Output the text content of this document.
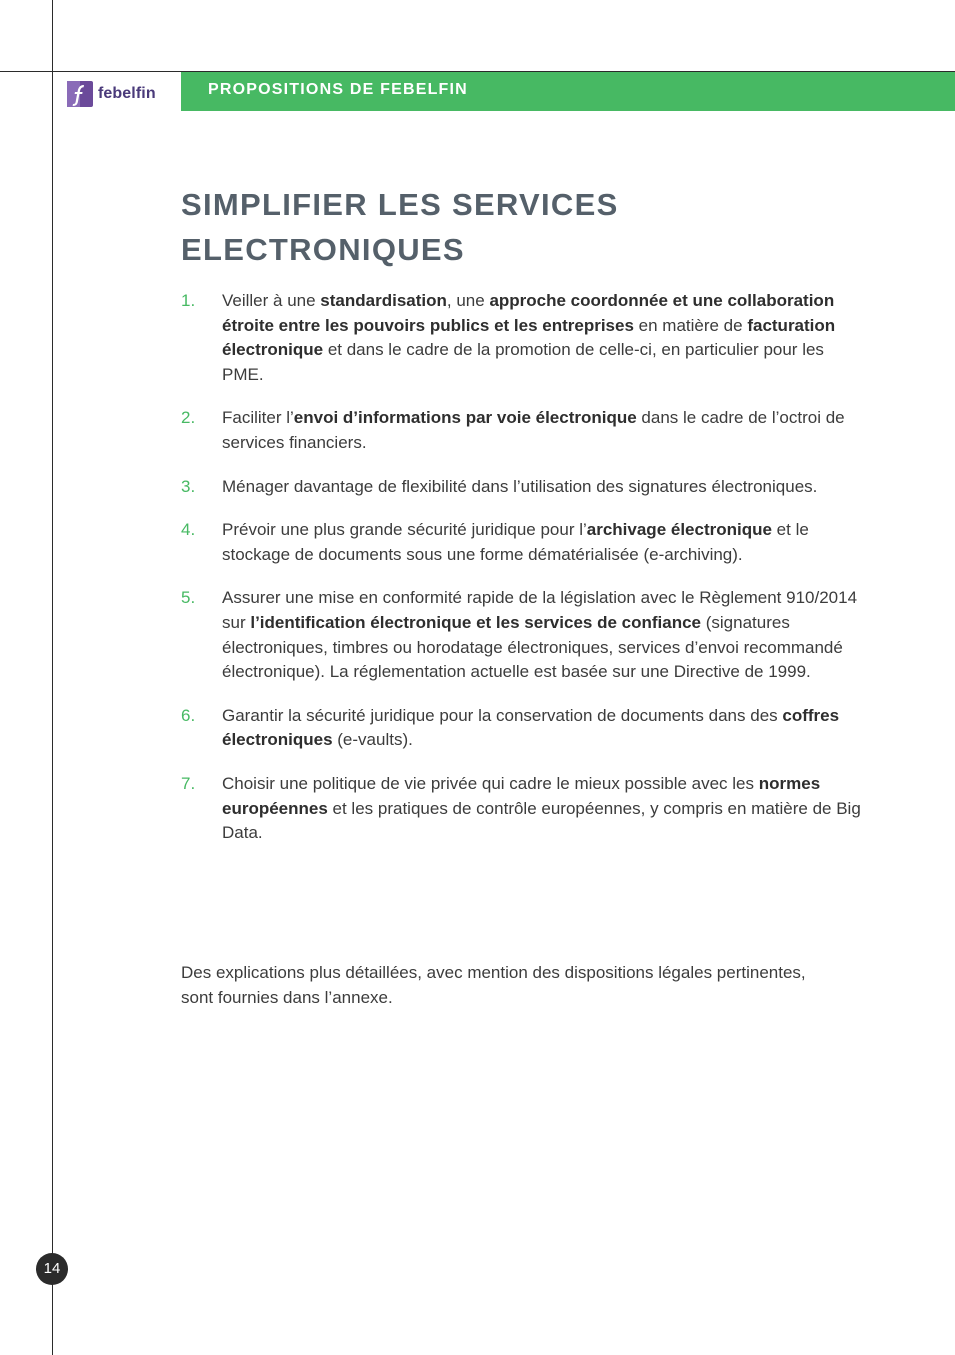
febelfin	PROPOSITIONS DE FEBELFIN
SIMPLIFIER LES SERVICES
ELECTRONIQUES
1. Veiller à une standardisation, une approche coordonnée et une collaboration étroite entre les pouvoirs publics et les entreprises en matière de facturation électronique et dans le cadre de la promotion de celle-ci, en particulier pour les PME.
2. Faciliter l’envoi d’informations par voie électronique dans le cadre de l’octroi de services financiers.
3. Ménager davantage de flexibilité dans l’utilisation des signatures électroniques.
4. Prévoir une plus grande sécurité juridique pour l’archivage électronique et le stockage de documents sous une forme dématérialisée (e-archiving).
5. Assurer une mise en conformité rapide de la législation avec le Règlement 910/2014 sur l’identification électronique et les services de confiance (signatures électroniques, timbres ou horodatage électroniques, services d’envoi recommandé électronique). La réglementation actuelle est basée sur une Directive de 1999.
6. Garantir la sécurité juridique pour la conservation de documents dans des coffres électroniques (e-vaults).
7. Choisir une politique de vie privée qui cadre le mieux possible avec les normes européennes et les pratiques de contrôle européennes, y compris en matière de Big Data.

Des explications plus détaillées, avec mention des dispositions légales pertinentes, sont fournies dans l’annexe.

14
